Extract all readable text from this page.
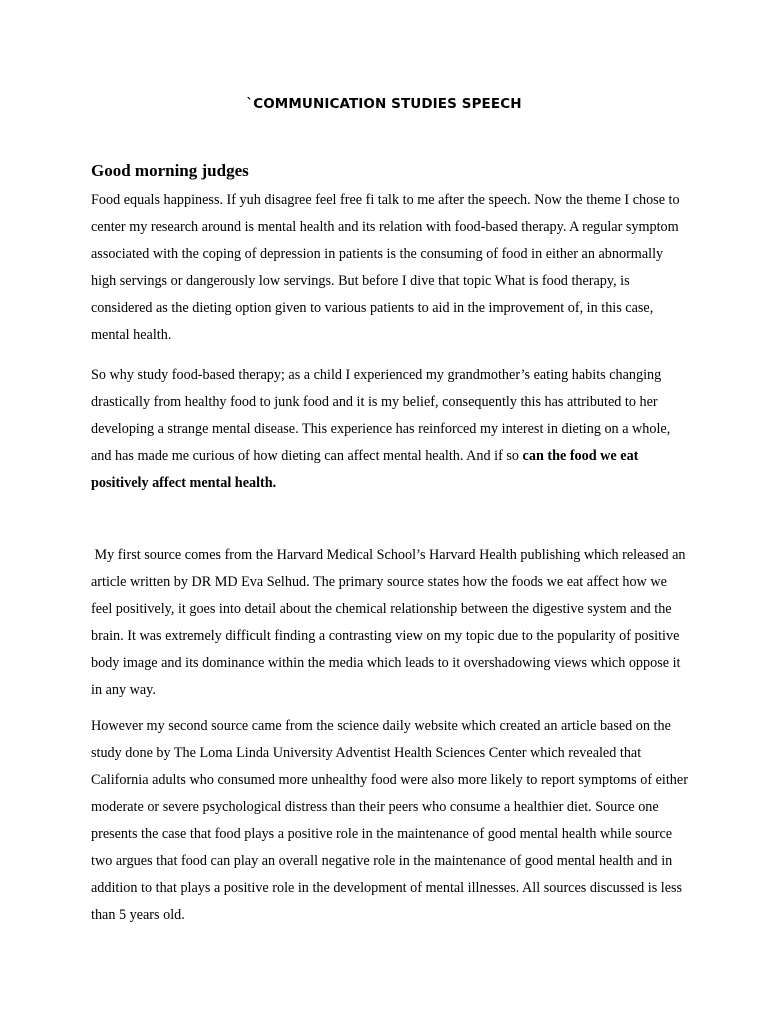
`COMMUNICATION STUDIES SPEECH
Good morning judges

Food equals happiness. If yuh disagree feel free fi talk to me after the speech. Now the theme I chose to center my research around is mental health and its relation with food-based therapy. A regular symptom associated with the coping of depression in patients is the consuming of food in either an abnormally high servings or dangerously low servings. But before I dive that topic What is food therapy, is considered as the dieting option given to various patients to aid in the improvement of, in this case, mental health.

So why study food-based therapy; as a child I experienced my grandmother’s eating habits changing drastically from healthy food to junk food and it is my belief, consequently this has attributed to her developing a strange mental disease. This experience has reinforced my interest in dieting on a whole, and has made me curious of how dieting can affect mental health. And if so can the food we eat positively affect mental health.

My first source comes from the Harvard Medical School’s Harvard Health publishing which released an article written by DR MD Eva Selhud. The primary source states how the foods we eat affect how we feel positively, it goes into detail about the chemical relationship between the digestive system and the brain. It was extremely difficult finding a contrasting view on my topic due to the popularity of positive body image and its dominance within the media which leads to it overshadowing views which oppose it in any way.

However my second source came from the science daily website which created an article based on the study done by The Loma Linda University Adventist Health Sciences Center which revealed that California adults who consumed more unhealthy food were also more likely to report symptoms of either moderate or severe psychological distress than their peers who consume a healthier diet. Source one presents the case that food plays a positive role in the maintenance of good mental health while source two argues that food can play an overall negative role in the maintenance of good mental health and in addition to that plays a positive role in the development of mental illnesses. All sources discussed is less than 5 years old.
